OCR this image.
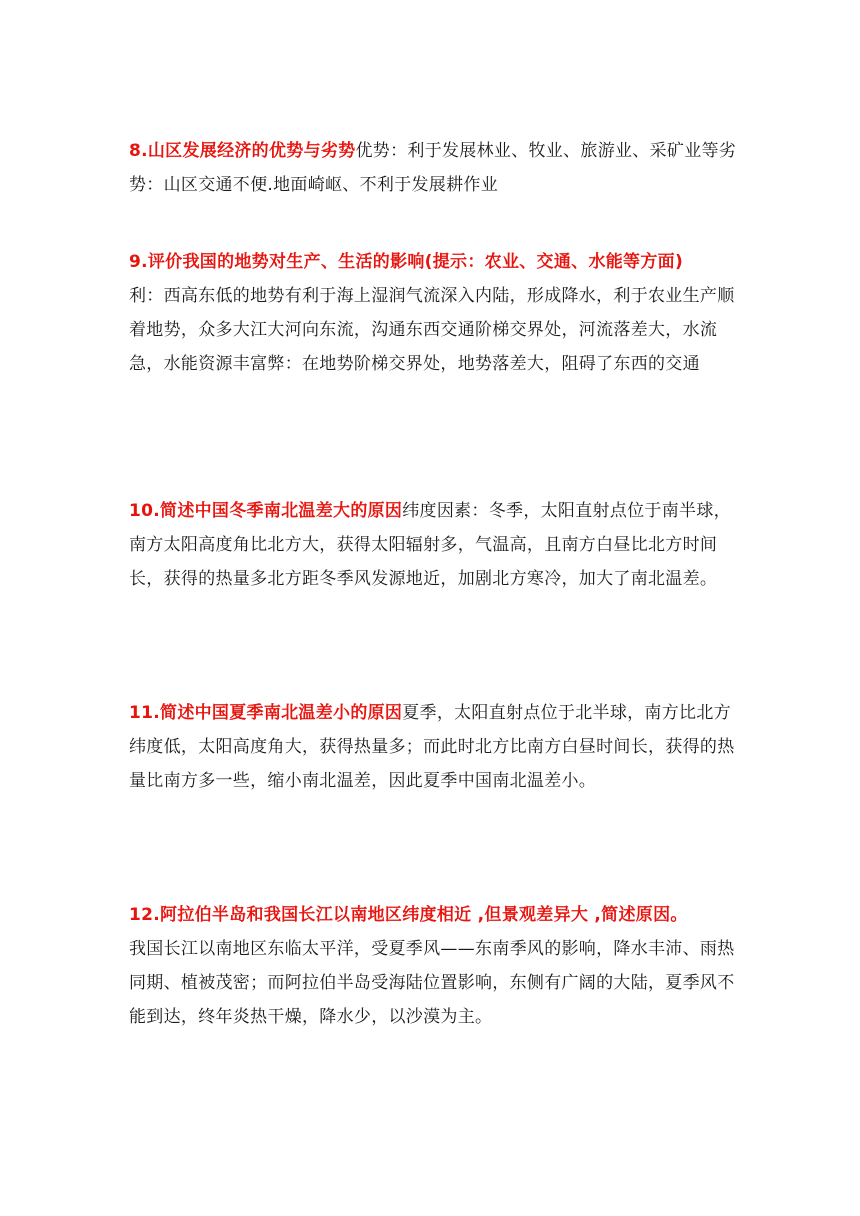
8.山区发展经济的优势与劣势优势：利于发展林业、牧业、旅游业、采矿业等劣势：山区交通不便.地面崎岖、不利于发展耕作业
9.评价我国的地势对生产、生活的影响(提示：农业、交通、水能等方面)
利：西高东低的地势有利于海上湿润气流深入内陆，形成降水，利于农业生产顺着地势，众多大江大河向东流，沟通东西交通阶梯交界处，河流落差大，水流急，水能资源丰富弊：在地势阶梯交界处，地势落差大，阻碍了东西的交通
10.简述中国冬季南北温差大的原因纬度因素：冬季，太阳直射点位于南半球，南方太阳高度角比北方大，获得太阳辐射多，气温高，且南方白昼比北方时间长，获得的热量多北方距冬季风发源地近，加剧北方寒冷，加大了南北温差。
11.简述中国夏季南北温差小的原因夏季，太阳直射点位于北半球，南方比北方纬度低，太阳高度角大，获得热量多；而此时北方比南方白昼时间长，获得的热量比南方多一些，缩小南北温差，因此夏季中国南北温差小。
12.阿拉伯半岛和我国长江以南地区纬度相近 ,但景观差异大 ,简述原因。
我国长江以南地区东临太平洋，受夏季风——东南季风的影响，降水丰沛、雨热同期、植被茂密；而阿拉伯半岛受海陆位置影响，东侧有广阔的大陆，夏季风不能到达，终年炎热干燥，降水少，以沙漠为主。
